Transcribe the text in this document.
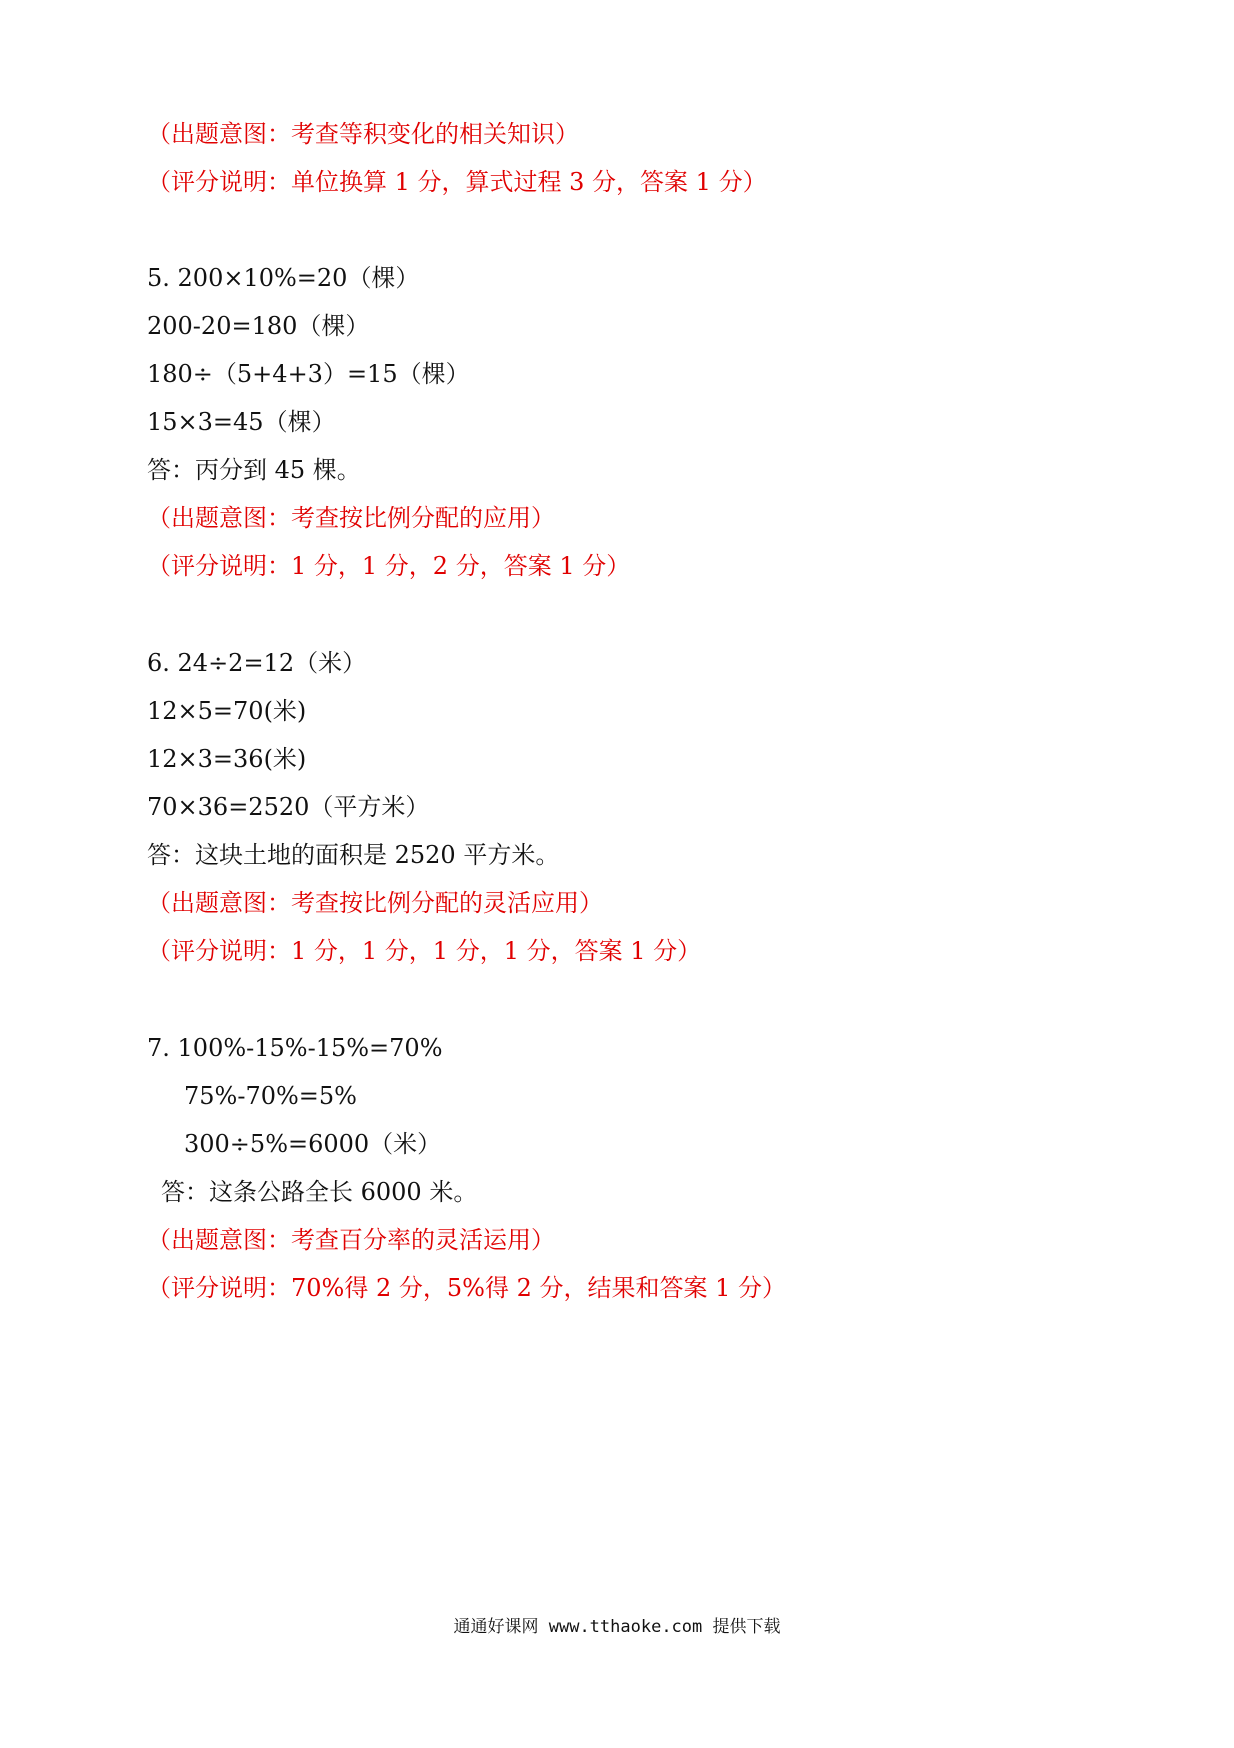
（出题意图：考查等积变化的相关知识）
（评分说明：单位换算 1 分，算式过程 3 分，答案 1 分）
5. 200×10%=20（棵）
200-20=180（棵）
180÷（5+4+3）=15（棵）
15×3=45（棵）
答：丙分到 45 棵。
（出题意图：考查按比例分配的应用）
（评分说明：1 分，1 分，2 分，答案 1 分）
6. 24÷2=12（米）
12×5=70(米)
12×3=36(米)
70×36=2520（平方米）
答：这块土地的面积是 2520 平方米。
（出题意图：考查按比例分配的灵活应用）
（评分说明：1 分，1 分，1 分，1 分，答案 1 分）
7. 100%-15%-15%=70%
75%-70%=5%
300÷5%=6000（米）
答：这条公路全长 6000 米。
（出题意图：考查百分率的灵活运用）
（评分说明：70%得 2 分，5%得 2 分，结果和答案 1 分）
通通好课网 www.tthaoke.com 提供下载
